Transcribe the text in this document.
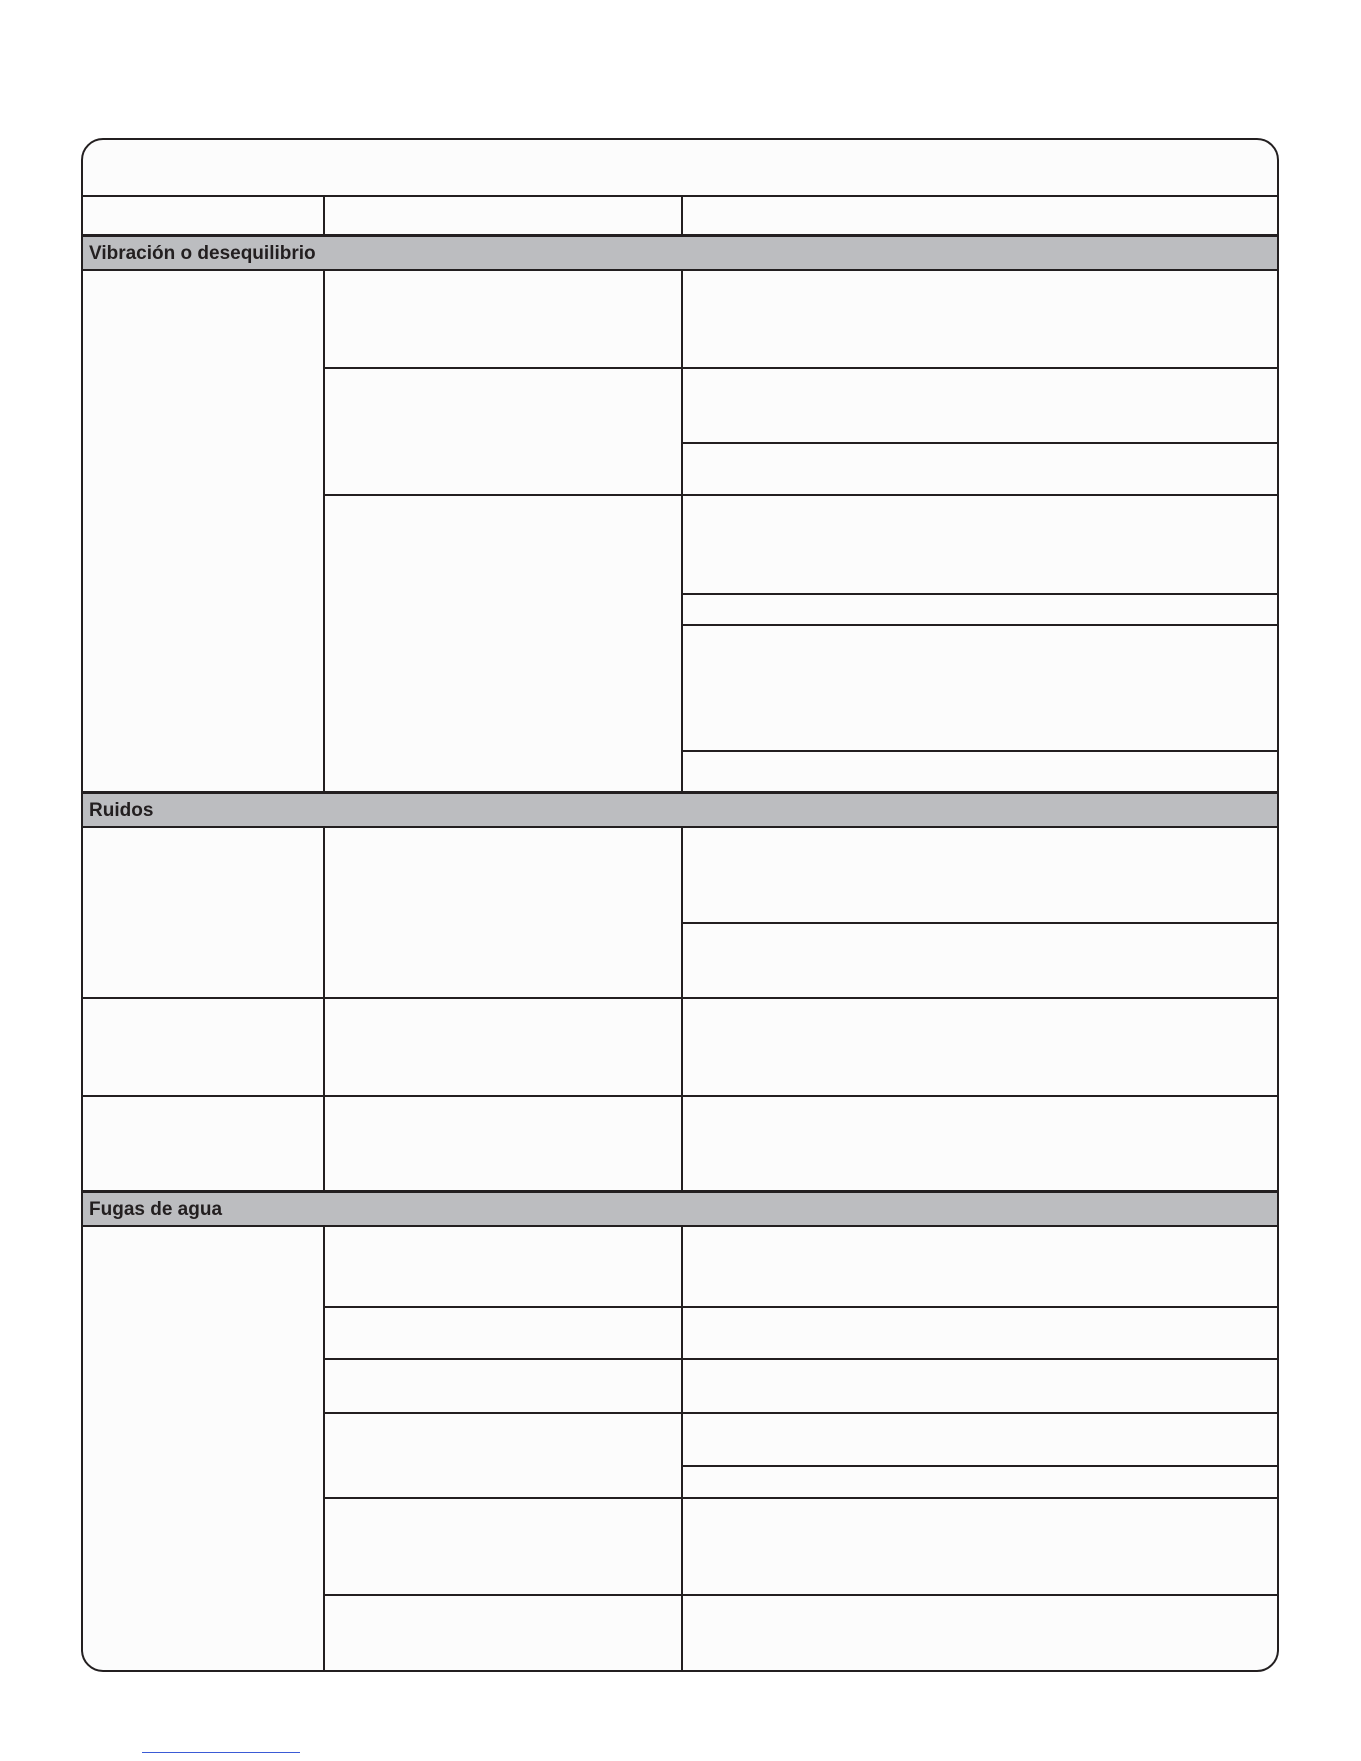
Vibración o desequilibrio
Ruidos
Fugas de agua
